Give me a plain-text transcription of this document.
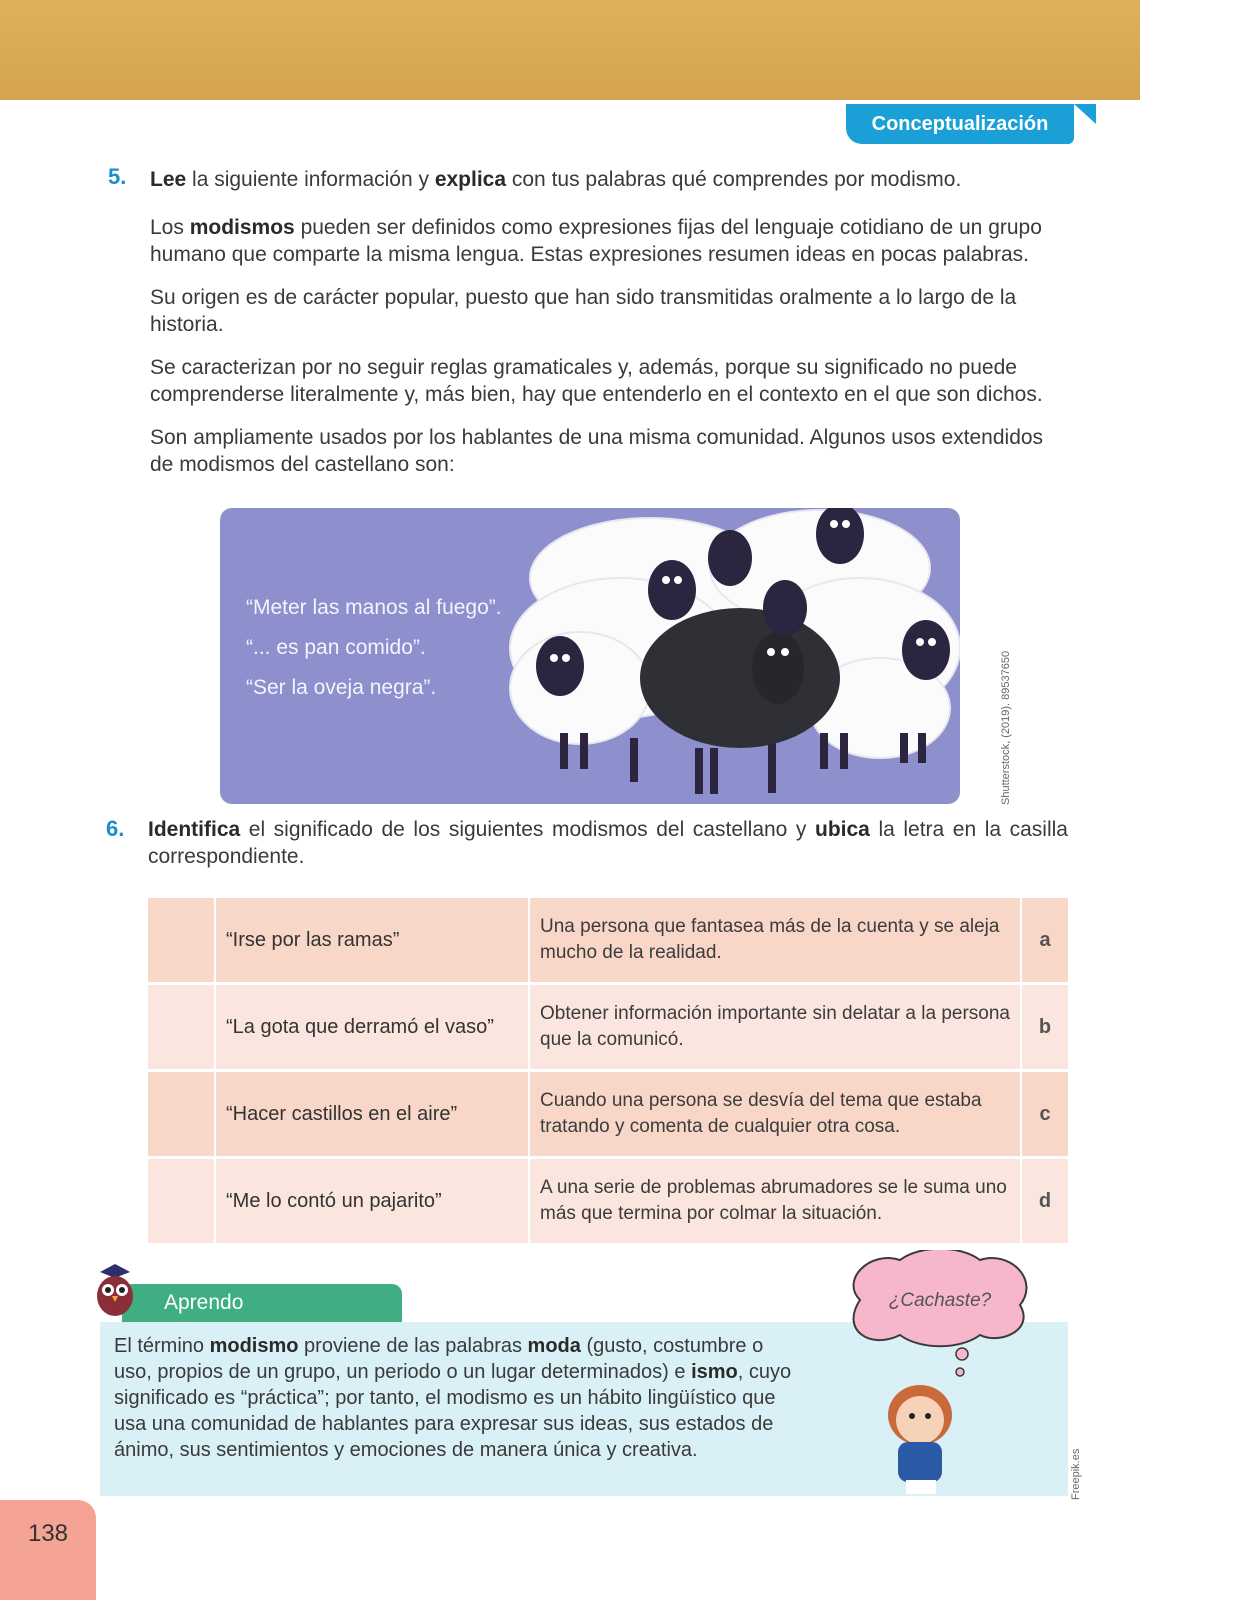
Conceptualización
5. Lee la siguiente información y explica con tus palabras qué comprendes por modismo.
Los modismos pueden ser definidos como expresiones fijas del lenguaje cotidiano de un grupo humano que comparte la misma lengua. Estas expresiones resumen ideas en pocas palabras.
Su origen es de carácter popular, puesto que han sido transmitidas oralmente a lo largo de la historia.
Se caracterizan por no seguir reglas gramaticales y, además, porque su significado no puede comprenderse literalmente y, más bien, hay que entenderlo en el contexto en el que son dichos.
Son ampliamente usados por los hablantes de una misma comunidad. Algunos usos extendidos de modismos del castellano son:
“Meter las manos al fuego”.
“... es pan comido”.
“Ser la oveja negra”.	Shutterstock, (2019). 89537650
6. Identifica el significado de los siguientes modismos del castellano y ubica la letra en la casilla correspondiente.
“Irse por las ramas”
Una persona que fantasea más de la cuenta y se aleja mucho de la realidad.
a
“La gota que derramó el vaso”
Obtener información importante sin delatar a la persona que la comunicó.
b
“Hacer castillos en el aire”
Cuando una persona se desvía del tema que estaba tratando y comenta de cualquier otra cosa.
c
“Me lo contó un pajarito”
A una serie de problemas abrumadores se le suma uno más que termina por colmar la situación.
d
Aprendo
El término modismo proviene de las palabras moda (gusto, costumbre o uso, propios de un grupo, un periodo o un lugar determinados) e ismo, cuyo significado es “práctica”; por tanto, el modismo es un hábito lingüístico que usa una comunidad de hablantes para expresar sus ideas, sus estados de ánimo, sus sentimientos y emociones de manera única y creativa.
¿Cachaste?
Freepik.es
138
